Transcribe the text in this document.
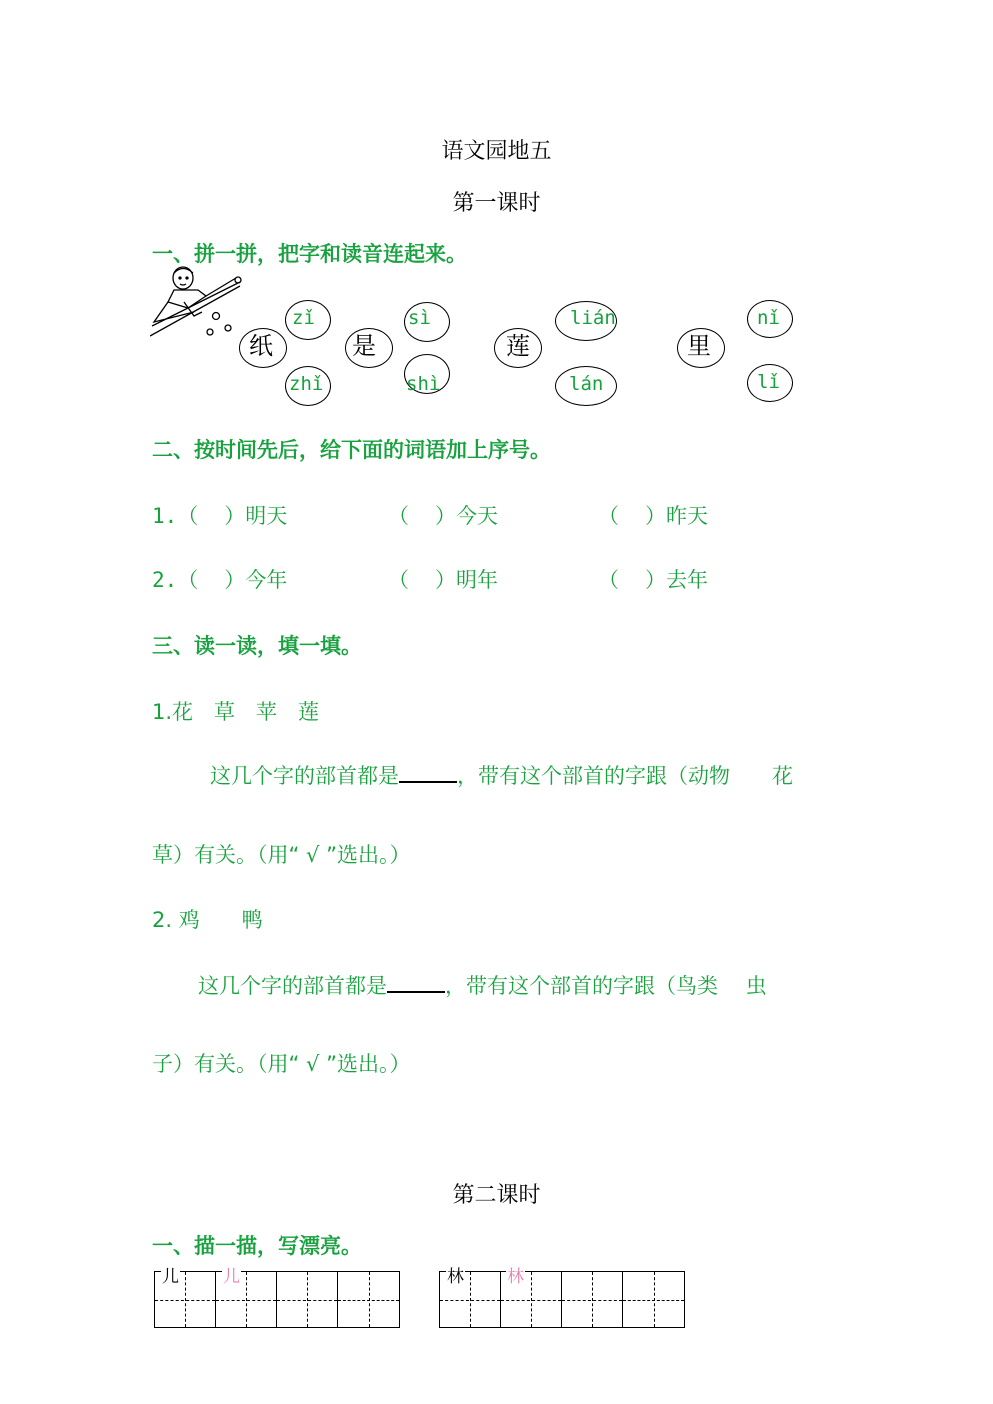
语文园地五
第一课时
一、拼一拼，把字和读音连起来。
纸	是	莲	里
zǐ	sì	lián	nǐ
zhǐ	shì	lán	lǐ
二、按时间先后，给下面的词语加上序号。
1.（ ）明天	（ ）今天	（ ）昨天
2.（ ）今年	（ ）明年	（ ）去年
三、读一读，填一填。
1.花　草　苹　莲
这几个字的部首都是	，带有这个部首的字跟（动物　　花
草）有关。（用“ √ ”选出。）
2. 鸡　　鸭
这几个字的部首都是	，带有这个部首的字跟（鸟类　 虫
子）有关。（用“ √ ”选出。）
第二课时
一、描一描，写漂亮。
儿	儿	林	林
